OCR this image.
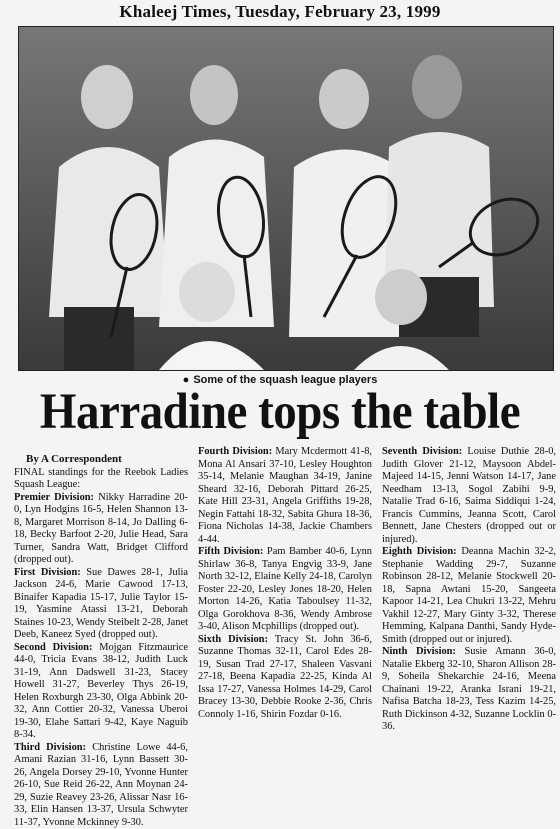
Khaleej Times, Tuesday, February 23, 1999
● Some of the squash league players
Harradine tops the table
By A Correspondent

FINAL standings for the Reebok Ladies Squash League:

Premier Division: Nikky Harradine 20-0, Lyn Hodgins 16-5, Helen Shannon 13-8, Margaret Morrison 8-14, Jo Dalling 6-18, Becky Barfoot 2-20, Julie Head, Sara Turner, Sandra Watt, Bridget Clifford (dropped out).

First Division: Sue Dawes 28-1, Julia Jackson 24-6, Marie Cawood 17-13, Binaifer Kapadia 15-17, Julie Taylor 15-19, Yasmine Atassi 13-21, Deborah Staines 10-23, Wendy Steibelt 2-28, Janet Deeb, Kaneez Syed (dropped out).

Second Division: Mojgan Fitzmaurice 44-0, Tricia Evans 38-12, Judith Luck 31-19, Ann Dadswell 31-23, Stacey Howell 31-27, Beverley Thys 26-19, Helen Roxburgh 23-30, Olga Abbink 20-32, Ann Cottier 20-32, Vanessa Uberoi 19-30, Elahe Sattari 9-42, Kaye Naguib 8-34.

Third Division: Christine Lowe 44-6, Amani Razian 31-16, Lynn Bassett 30-26, Angela Dorsey 29-10, Yvonne Hunter 26-10, Sue Reid 26-22, Ann Moynan 24-29, Suzie Reavey 23-26, Alissar Nasr 16-33, Elin Hansen 13-37, Ursula Schwyter 11-37, Yvonne Mckinney 9-30.

Fourth Division: Mary Mcdermott 41-8, Mona Al Ansari 37-10, Lesley Houghton 35-14, Melanie Maughan 34-19, Janine Sheard 32-16, Deborah Pittard 26-25, Kate Hill 23-31, Angela Griffiths 19-28, Negin Fattahi 18-32, Sabita Ghura 18-36, Fiona Nicholas 14-38, Jackie Chambers 4-44.

Fifth Division: Pam Bamber 40-6, Lynn Shirlaw 36-8, Tanya Engvig 33-9, Jane North 32-12, Elaine Kelly 24-18, Carolyn Foster 22-20, Lesley Jones 18-20, Helen Morton 14-26, Katia Taboulsey 11-32, Olga Gorokhova 8-36, Wendy Ambrose 3-40, Alison Mcphillips (dropped out).

Sixth Division: Tracy St. John 36-6, Suzanne Thomas 32-11, Carol Edes 28-19, Susan Trad 27-17, Shaleen Vasvani 27-18, Beena Kapadia 22-25, Kinda Al Issa 17-27, Vanessa Holmes 14-29, Carol Bracey 13-30, Debbie Rooke 2-36, Chris Connoly 1-16, Shirin Fozdar 0-16.

Seventh Division: Louise Duthie 28-0, Judith Glover 21-12, Maysoon Abdel-Majeed 14-15, Jenni Watson 14-17, Jane Needham 13-13, Sogol Zabihi 9-9, Natalie Trad 6-16, Saima Siddiqui 1-24, Francis Cummins, Jeanna Scott, Carol Bennett, Jane Chesters (dropped out or injured).

Eighth Division: Deanna Machin 32-2, Stephanie Wadding 29-7, Suzanne Robinson 28-12, Melanie Stockwell 20-18, Sapna Awtani 15-20, Sangeeta Kapoor 14-21, Lea Chukri 13-22, Mehru Vakhil 12-27, Mary Ginty 3-32, Therese Hemming, Kalpana Danthi, Sandy Hyde-Smith (dropped out or injured).

Ninth Division: Susie Amann 36-0, Natalie Ekberg 32-10, Sharon Allison 28-9, Soheila Shekarchie 24-16, Meena Chainani 19-22, Aranka Israni 19-21, Nafisa Batcha 18-23, Tess Kazim 14-25, Ruth Dickinson 4-32, Suzanne Locklin 0-36.
